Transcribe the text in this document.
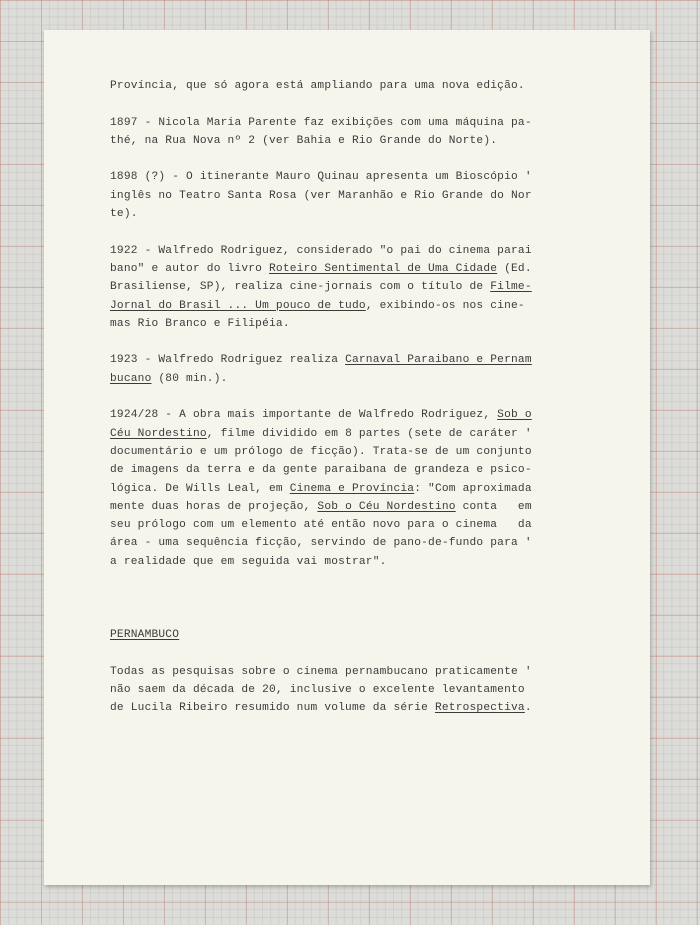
Província, que só agora está ampliando para uma nova edição.
1897 - Nicola Maria Parente faz exibições com uma máquina pa-
thé, na Rua Nova nº 2 (ver Bahia e Rio Grande do Norte).
1898 (?) - O itinerante Mauro Quinau apresenta um Bioscópio '
inglês no Teatro Santa Rosa (ver Maranhão e Rio Grande do Nor
te).
1922 - Walfredo Rodriguez, considerado "o pai do cinema parai
bano" e autor do livro Roteiro Sentimental de Uma Cidade (Ed.
Brasiliense, SP), realiza cine-jornais com o título de Filme-
Jornal do Brasil ... Um pouco de tudo, exibindo-os nos cine-
mas Rio Branco e Filipéia.
1923 - Walfredo Rodriguez realiza Carnaval Paraibano e Pernam
bucano (80 min.).
1924/28 - A obra mais importante de Walfredo Rodriguez, Sob o
Céu Nordestino, filme dividido em 8 partes (sete de caráter '
documentário e um prólogo de ficção). Trata-se de um conjunto
de imagens da terra e da gente paraibana de grandeza e psico-
lógica. De Wills Leal, em Cinema e Província: "Com aproximada
mente duas horas de projeção, Sob o Céu Nordestino conta   em
seu prólogo com um elemento até então novo para o cinema   da
área - uma sequência ficção, servindo de pano-de-fundo para '
a realidade que em seguida vai mostrar".
PERNAMBUCO
Todas as pesquisas sobre o cinema pernambucano praticamente '
não saem da década de 20, inclusive o excelente levantamento
de Lucila Ribeiro resumido num volume da série Retrospectiva.
